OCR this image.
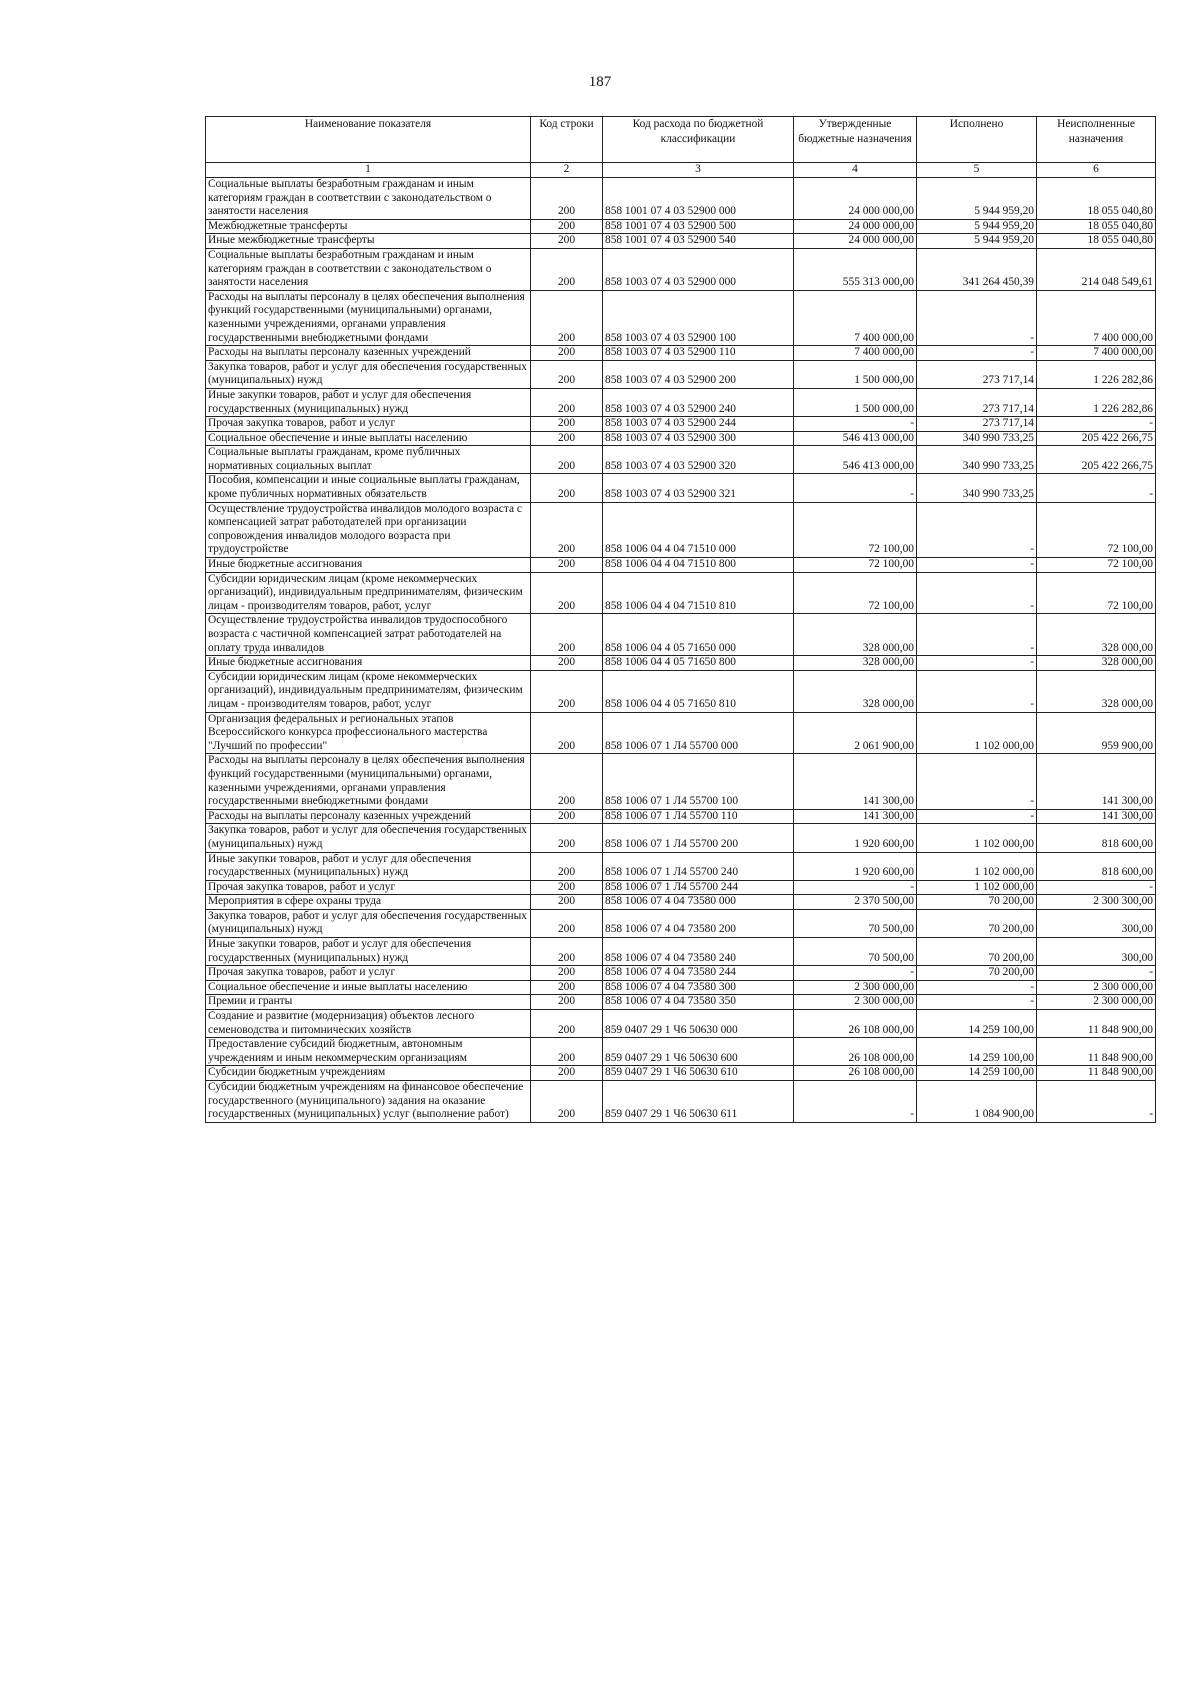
187
Наименование показателя	Код строки	Код расхода по бюджетной классификации	Утвержденные бюджетные назначения	Исполнено	Неисполненные назначения
1	2	3	4	5	6
Социальные выплаты безработным гражданам и иным категориям граждан в соответствии с законодательством о занятости населения	200	858 1001 07 4 03 52900 000	24 000 000,00	5 944 959,20	18 055 040,80
Межбюджетные трансферты	200	858 1001 07 4 03 52900 500	24 000 000,00	5 944 959,20	18 055 040,80
Иные межбюджетные трансферты	200	858 1001 07 4 03 52900 540	24 000 000,00	5 944 959,20	18 055 040,80
Социальные выплаты безработным гражданам и иным категориям граждан в соответствии с законодательством о занятости населения	200	858 1003 07 4 03 52900 000	555 313 000,00	341 264 450,39	214 048 549,61
Расходы на выплаты персоналу в целях обеспечения выполнения функций государственными (муниципальными) органами, казенными учреждениями, органами управления государственными внебюджетными фондами	200	858 1003 07 4 03 52900 100	7 400 000,00	-	7 400 000,00
Расходы на выплаты персоналу казенных учреждений	200	858 1003 07 4 03 52900 110	7 400 000,00	-	7 400 000,00
Закупка товаров, работ и услуг для обеспечения государственных (муниципальных) нужд	200	858 1003 07 4 03 52900 200	1 500 000,00	273 717,14	1 226 282,86
Иные закупки товаров, работ и услуг для обеспечения государственных (муниципальных) нужд	200	858 1003 07 4 03 52900 240	1 500 000,00	273 717,14	1 226 282,86
Прочая закупка товаров, работ и услуг	200	858 1003 07 4 03 52900 244	-	273 717,14	-
Социальное обеспечение и иные выплаты населению	200	858 1003 07 4 03 52900 300	546 413 000,00	340 990 733,25	205 422 266,75
Социальные выплаты гражданам, кроме публичных нормативных социальных выплат	200	858 1003 07 4 03 52900 320	546 413 000,00	340 990 733,25	205 422 266,75
Пособия, компенсации и иные социальные выплаты гражданам, кроме публичных нормативных обязательств	200	858 1003 07 4 03 52900 321	-	340 990 733,25	-
Осуществление трудоустройства инвалидов молодого возраста с компенсацией затрат работодателей при организации сопровождения инвалидов молодого возраста при трудоустройстве	200	858 1006 04 4 04 71510 000	72 100,00	-	72 100,00
Иные бюджетные ассигнования	200	858 1006 04 4 04 71510 800	72 100,00	-	72 100,00
Субсидии юридическим лицам (кроме некоммерческих организаций), индивидуальным предпринимателям, физическим лицам - производителям товаров, работ, услуг	200	858 1006 04 4 04 71510 810	72 100,00	-	72 100,00
Осуществление трудоустройства инвалидов трудоспособного возраста с частичной компенсацией затрат работодателей на оплату труда инвалидов	200	858 1006 04 4 05 71650 000	328 000,00	-	328 000,00
Иные бюджетные ассигнования	200	858 1006 04 4 05 71650 800	328 000,00	-	328 000,00
Субсидии юридическим лицам (кроме некоммерческих организаций), индивидуальным предпринимателям, физическим лицам - производителям товаров, работ, услуг	200	858 1006 04 4 05 71650 810	328 000,00	-	328 000,00
Организация федеральных и региональных этапов Всероссийского конкурса профессионального мастерства "Лучший по профессии"	200	858 1006 07 1 Л4 55700 000	2 061 900,00	1 102 000,00	959 900,00
Расходы на выплаты персоналу в целях обеспечения выполнения функций государственными (муниципальными) органами, казенными учреждениями, органами управления государственными внебюджетными фондами	200	858 1006 07 1 Л4 55700 100	141 300,00	-	141 300,00
Расходы на выплаты персоналу казенных учреждений	200	858 1006 07 1 Л4 55700 110	141 300,00	-	141 300,00
Закупка товаров, работ и услуг для обеспечения государственных (муниципальных) нужд	200	858 1006 07 1 Л4 55700 200	1 920 600,00	1 102 000,00	818 600,00
Иные закупки товаров, работ и услуг для обеспечения государственных (муниципальных) нужд	200	858 1006 07 1 Л4 55700 240	1 920 600,00	1 102 000,00	818 600,00
Прочая закупка товаров, работ и услуг	200	858 1006 07 1 Л4 55700 244	-	1 102 000,00	-
Мероприятия в сфере охраны труда	200	858 1006 07 4 04 73580 000	2 370 500,00	70 200,00	2 300 300,00
Закупка товаров, работ и услуг для обеспечения государственных (муниципальных) нужд	200	858 1006 07 4 04 73580 200	70 500,00	70 200,00	300,00
Иные закупки товаров, работ и услуг для обеспечения государственных (муниципальных) нужд	200	858 1006 07 4 04 73580 240	70 500,00	70 200,00	300,00
Прочая закупка товаров, работ и услуг	200	858 1006 07 4 04 73580 244	-	70 200,00	-
Социальное обеспечение и иные выплаты населению	200	858 1006 07 4 04 73580 300	2 300 000,00	-	2 300 000,00
Премии и гранты	200	858 1006 07 4 04 73580 350	2 300 000,00	-	2 300 000,00
Создание и развитие (модернизация) объектов лесного семеноводства и питомнических хозяйств	200	859 0407 29 1 Ч6 50630 000	26 108 000,00	14 259 100,00	11 848 900,00
Предоставление субсидий бюджетным, автономным учреждениям и иным некоммерческим организациям	200	859 0407 29 1 Ч6 50630 600	26 108 000,00	14 259 100,00	11 848 900,00
Субсидии бюджетным учреждениям	200	859 0407 29 1 Ч6 50630 610	26 108 000,00	14 259 100,00	11 848 900,00
Субсидии бюджетным учреждениям на финансовое обеспечение государственного (муниципального) задания на оказание государственных (муниципальных) услуг (выполнение работ)	200	859 0407 29 1 Ч6 50630 611	-	1 084 900,00	-
